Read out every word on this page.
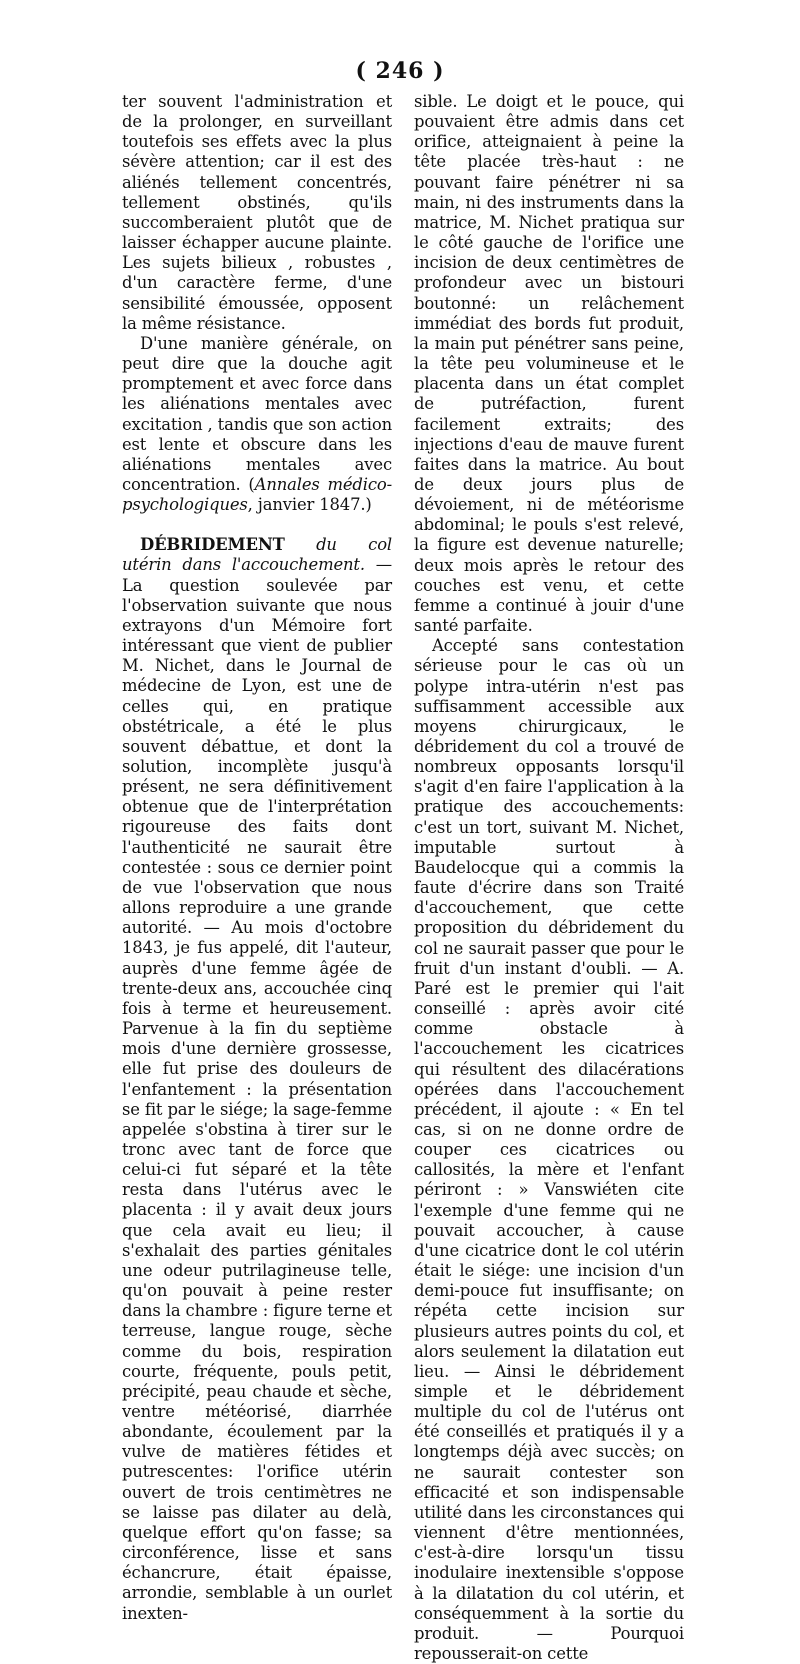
( 246 )

ter souvent l'administration et de la prolonger, en surveillant toutefois ses effets avec la plus sévère attention; car il est des aliénés tellement concentrés, tellement obstinés, qu'ils succomberaient plutôt que de laisser échapper aucune plainte. Les sujets bilieux , robustes , d'un caractère ferme, d'une sensibilité émoussée, opposent la même résistance.

D'une manière générale, on peut dire que la douche agit promptement et avec force dans les aliénations mentales avec excitation , tandis que son action est lente et obscure dans les aliénations mentales avec concentration. (Annales médico-psychologiques, janvier 1847.)

DÉBRIDEMENT du col utérin dans l'accouchement. — La question soulevée par l'observation suivante que nous extrayons d'un Mémoire fort intéressant que vient de publier M. Nichet, dans le Journal de médecine de Lyon, est une de celles qui, en pratique obstétricale, a été le plus souvent débattue, et dont la solution, incomplète jusqu'à présent, ne sera définitivement obtenue que de l'interprétation rigoureuse des faits dont l'authenticité ne saurait être contestée : sous ce dernier point de vue l'observation que nous allons reproduire a une grande autorité. — Au mois d'octobre 1843, je fus appelé, dit l'auteur, auprès d'une femme âgée de trente-deux ans, accouchée cinq fois à terme et heureusement. Parvenue à la fin du septième mois d'une dernière grossesse, elle fut prise des douleurs de l'enfantement : la présentation se fit par le siége; la sage-femme appelée s'obstina à tirer sur le tronc avec tant de force que celui-ci fut séparé et la tête resta dans l'utérus avec le placenta : il y avait deux jours que cela avait eu lieu; il s'exhalait des parties génitales une odeur putrilagineuse telle, qu'on pouvait à peine rester dans la chambre : figure terne et terreuse, langue rouge, sèche comme du bois, respiration courte, fréquente, pouls petit, précipité, peau chaude et sèche, ventre météorisé, diarrhée abondante, écoulement par la vulve de matières fétides et putrescentes: l'orifice utérin ouvert de trois centimètres ne se laisse pas dilater au delà, quelque effort qu'on fasse; sa circonférence, lisse et sans échancrure, était épaisse, arrondie, semblable à un ourlet inexten-

sible. Le doigt et le pouce, qui pouvaient être admis dans cet orifice, atteignaient à peine la tête placée très-haut : ne pouvant faire pénétrer ni sa main, ni des instruments dans la matrice, M. Nichet pratiqua sur le côté gauche de l'orifice une incision de deux centimètres de profondeur avec un bistouri boutonné: un relâchement immédiat des bords fut produit, la main put pénétrer sans peine, la tête peu volumineuse et le placenta dans un état complet de putréfaction, furent facilement extraits; des injections d'eau de mauve furent faites dans la matrice. Au bout de deux jours plus de dévoiement, ni de météorisme abdominal; le pouls s'est relevé, la figure est devenue naturelle; deux mois après le retour des couches est venu, et cette femme a continué à jouir d'une santé parfaite.

Accepté sans contestation sérieuse pour le cas où un polype intra-utérin n'est pas suffisamment accessible aux moyens chirurgicaux, le débridement du col a trouvé de nombreux opposants lorsqu'il s'agit d'en faire l'application à la pratique des accouchements: c'est un tort, suivant M. Nichet, imputable surtout à Baudelocque qui a commis la faute d'écrire dans son Traité d'accouchement, que cette proposition du débridement du col ne saurait passer que pour le fruit d'un instant d'oubli. — A. Paré est le premier qui l'ait conseillé : après avoir cité comme obstacle à l'accouchement les cicatrices qui résultent des dilacérations opérées dans l'accouchement précédent, il ajoute : « En tel cas, si on ne donne ordre de couper ces cicatrices ou callosités, la mère et l'enfant périront : » Vanswiéten cite l'exemple d'une femme qui ne pouvait accoucher, à cause d'une cicatrice dont le col utérin était le siége: une incision d'un demi-pouce fut insuffisante; on répéta cette incision sur plusieurs autres points du col, et alors seulement la dilatation eut lieu. — Ainsi le débridement simple et le débridement multiple du col de l'utérus ont été conseillés et pratiqués il y a longtemps déjà avec succès; on ne saurait contester son efficacité et son indispensable utilité dans les circonstances qui viennent d'être mentionnées, c'est-à-dire lorsqu'un tissu inodulaire inextensible s'oppose à la dilatation du col utérin, et conséquemment à la sortie du produit. — Pourquoi repousserait-on cette
